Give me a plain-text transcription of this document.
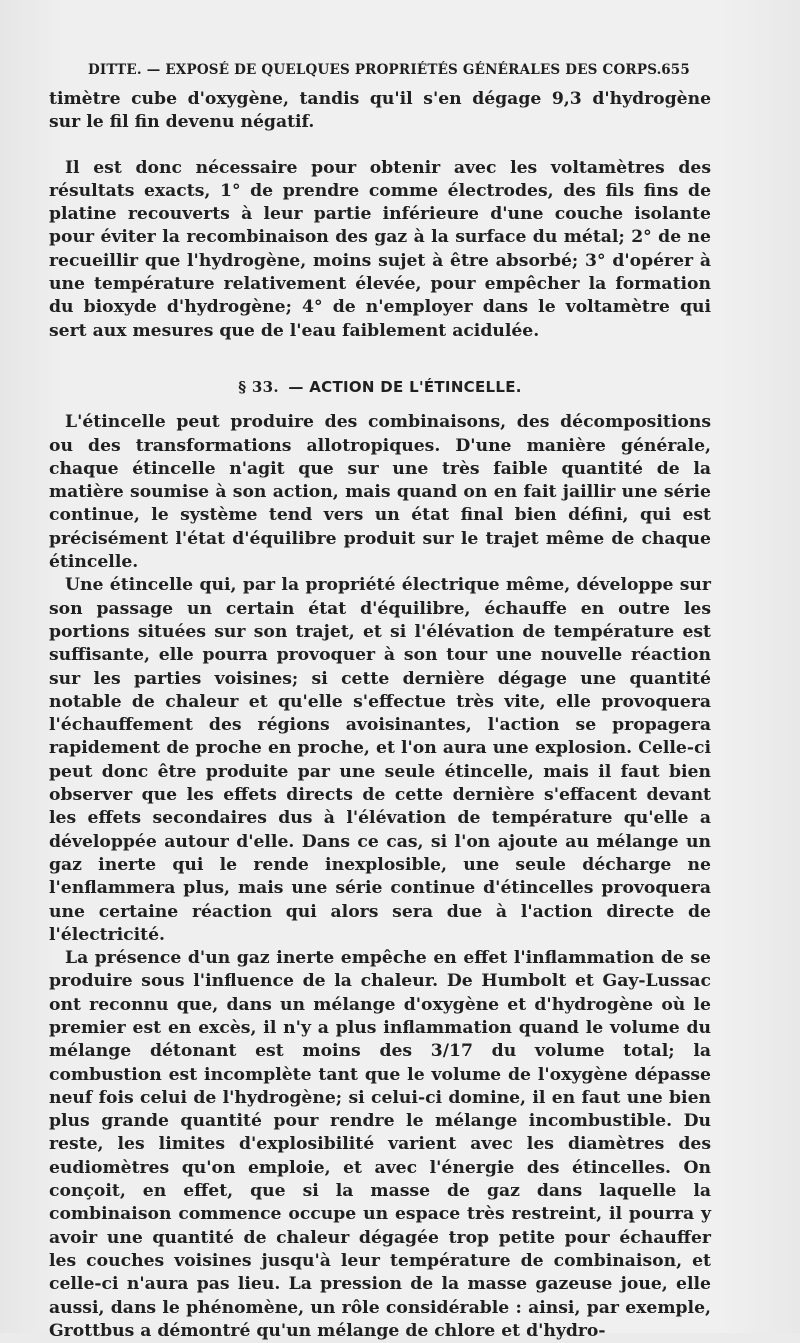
DITTE. — EXPOSÉ DE QUELQUES PROPRIÉTÉS GÉNÉRALES DES CORPS. 655

timètre cube d'oxygène, tandis qu'il s'en dégage 9,3 d'hydrogène sur le fil fin devenu négatif.

Il est donc nécessaire pour obtenir avec les voltamètres des résultats exacts, 1° de prendre comme électrodes, des fils fins de platine recouverts à leur partie inférieure d'une couche isolante pour éviter la recombinaison des gaz à la surface du métal; 2° de ne recueillir que l'hydrogène, moins sujet à être absorbé; 3° d'opérer à une température relativement élevée, pour empêcher la formation du bioxyde d'hydrogène; 4° de n'employer dans le voltamètre qui sert aux mesures que de l'eau faiblement acidulée.

§ 33. — ACTION DE L'ÉTINCELLE.

L'étincelle peut produire des combinaisons, des décompositions ou des transformations allotropiques. D'une manière générale, chaque étincelle n'agit que sur une très faible quantité de la matière soumise à son action, mais quand on en fait jaillir une série continue, le système tend vers un état final bien défini, qui est précisément l'état d'équilibre produit sur le trajet même de chaque étincelle.

Une étincelle qui, par la propriété électrique même, développe sur son passage un certain état d'équilibre, échauffe en outre les portions situées sur son trajet, et si l'élévation de température est suffisante, elle pourra provoquer à son tour une nouvelle réaction sur les parties voisines; si cette dernière dégage une quantité notable de chaleur et qu'elle s'effectue très vite, elle provoquera l'échauffement des régions avoisinantes, l'action se propagera rapidement de proche en proche, et l'on aura une explosion. Celle-ci peut donc être produite par une seule étincelle, mais il faut bien observer que les effets directs de cette dernière s'effacent devant les effets secondaires dus à l'élévation de température qu'elle a développée autour d'elle. Dans ce cas, si l'on ajoute au mélange un gaz inerte qui le rende inexplosible, une seule décharge ne l'enflammera plus, mais une série continue d'étincelles provoquera une certaine réaction qui alors sera due à l'action directe de l'électricité.

La présence d'un gaz inerte empêche en effet l'inflammation de se produire sous l'influence de la chaleur. De Humbolt et Gay-Lussac ont reconnu que, dans un mélange d'oxygène et d'hydrogène où le premier est en excès, il n'y a plus inflammation quand le volume du mélange détonant est moins des 3/17 du volume total; la combustion est incomplète tant que le volume de l'oxygène dépasse neuf fois celui de l'hydrogène; si celui-ci domine, il en faut une bien plus grande quantité pour rendre le mélange incombustible. Du reste, les limites d'explosibilité varient avec les diamètres des eudiomètres qu'on emploie, et avec l'énergie des étincelles. On conçoit, en effet, que si la masse de gaz dans laquelle la combinaison commence occupe un espace très restreint, il pourra y avoir une quantité de chaleur dégagée trop petite pour échauffer les couches voisines jusqu'à leur température de combinaison, et celle-ci n'aura pas lieu. La pression de la masse gazeuse joue, elle aussi, dans le phénomène, un rôle considérable : ainsi, par exemple, Grottbus a démontré qu'un mélange de chlore et d'hydro-
